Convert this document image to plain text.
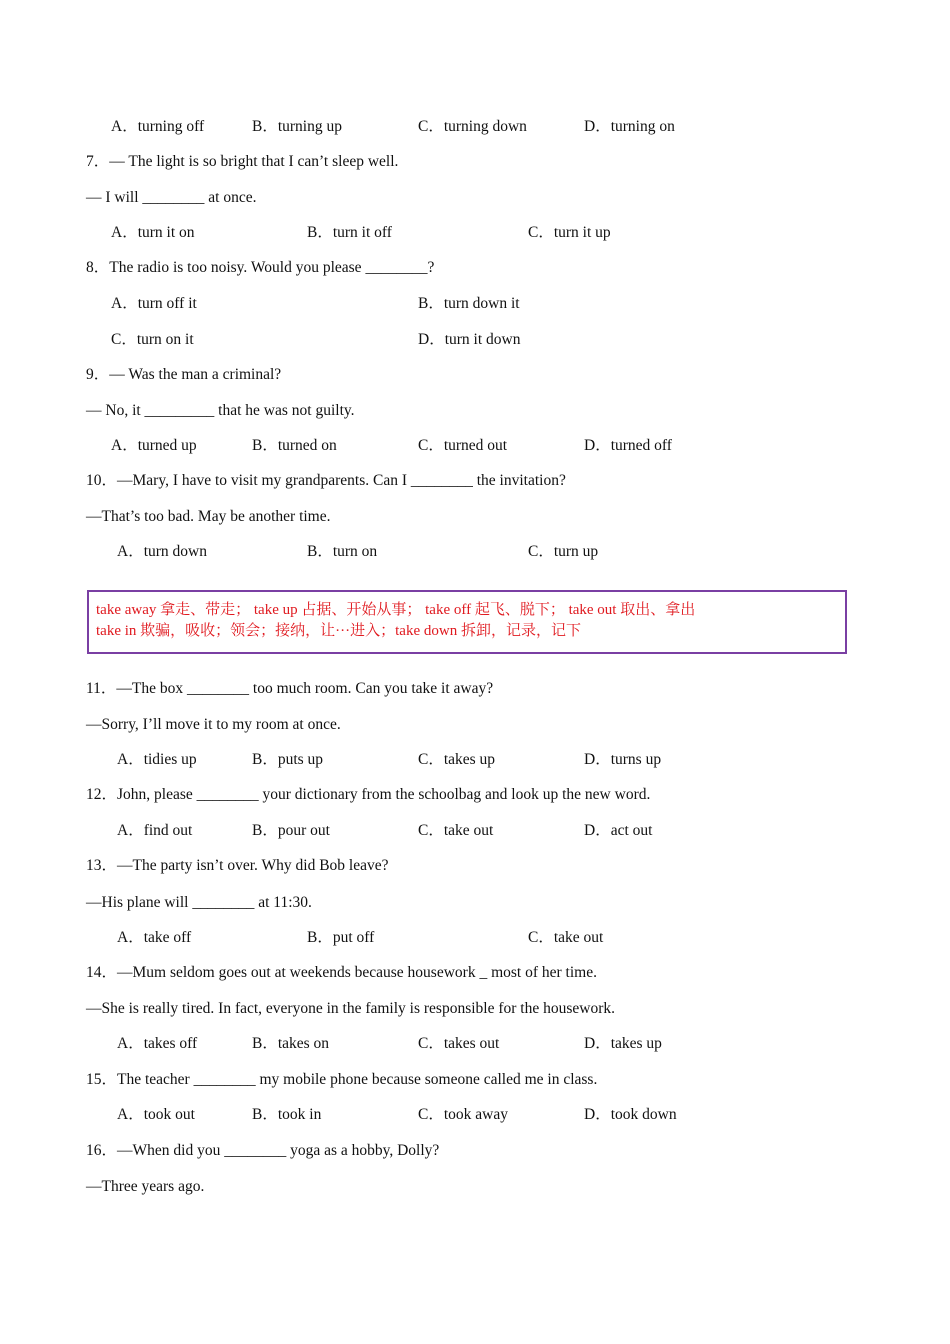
A．turning off	B．turning up	C．turning down	D．turning on
7．— The light is so bright that I can’t sleep well.
— I will ________ at once.
A．turn it on	B．turn it off	C．turn it up
8．The radio is too noisy. Would you please ________?
A．turn off it	B．turn down it
C．turn on it	D．turn it down
9．— Was the man a criminal?
— No, it _________ that he was not guilty.
A．turned up	B．turned on	C．turned out	D．turned off
10．—Mary, I have to visit my grandparents. Can I ________ the invitation?
—That’s too bad. May be another time.
A．turn down	B．turn on	C．turn up
take away 拿走、带走； take up 占据、开始从事； take off 起飞、脱下； take out 取出、拿出
take in 欺骗，吸收；领会；接纳，让···进入；take down 拆卸，记录，记下
11．—The box ________ too much room. Can you take it away?
—Sorry, I’ll move it to my room at once.
A．tidies up	B．puts up	C．takes up	D．turns up
12．John, please ________ your dictionary from the schoolbag and look up the new word.
A．find out	B．pour out	C．take out	D．act out
13．—The party isn’t over. Why did Bob leave?
—His plane will ________ at 11:30.
A．take off	B．put off	C．take out
14．—Mum seldom goes out at weekends because housework _ most of her time.
—She is really tired. In fact, everyone in the family is responsible for the housework.
A．takes off	B．takes on	C．takes out	D．takes up
15．The teacher ________ my mobile phone because someone called me in class.
A．took out	B．took in	C．took away	D．took down
16．—When did you ________ yoga as a hobby, Dolly?
—Three years ago.
